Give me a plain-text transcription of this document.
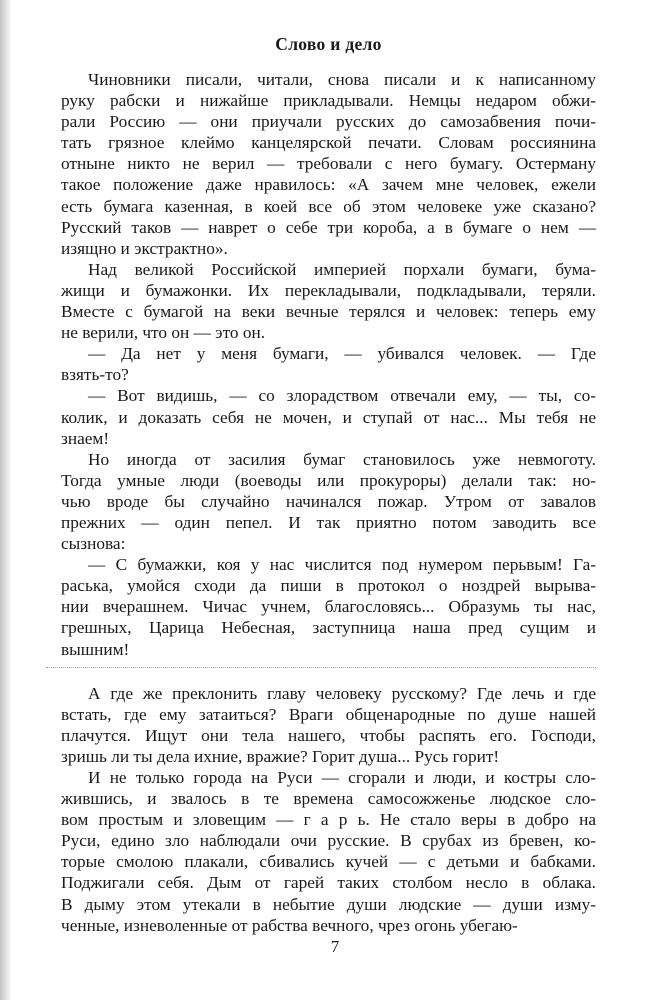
Слово и дело
Чиновники писали, читали, снова писали и к написанному
руку рабски и нижайше прикладывали. Немцы недаром обжи-
рали Россию — они приучали русских до самозабвения почи-
тать грязное клеймо канцелярской печати. Словам россиянина
отныне никто не верил — требовали с него бумагу. Остерману
такое положение даже нравилось: «А зачем мне человек, ежели
есть бумага казенная, в коей все об этом человеке уже сказано?
Русский таков — наврет о себе три короба, а в бумаге о нем —
изящно и экстрактно».
Над великой Российской империей порхали бумаги, бума-
жищи и бумажонки. Их перекладывали, подкладывали, теряли.
Вместе с бумагой на веки вечные терялся и человек: теперь ему
не верили, что он — это он.
— Да нет у меня бумаги, — убивался человек. — Где
взять-то?
— Вот видишь, — со злорадством отвечали ему, — ты, со-
колик, и доказать себя не мочен, и ступай от нас... Мы тебя не
знаем!
Но иногда от засилия бумаг становилось уже невмоготу.
Тогда умные люди (воеводы или прокуроры) делали так: но-
чью вроде бы случайно начинался пожар. Утром от завалов
прежних — один пепел. И так приятно потом заводить все
сызнова:
— С бумажки, коя у нас числится под нумером перьвым! Га-
раська, умойся сходи да пиши в протокол о ноздрей вырыва-
нии вчерашнем. Чичас учнем, благословясь... Образумь ты нас,
грешных, Царица Небесная, заступница наша пред сущим и
вышним!
А где же преклонить главу человеку русскому? Где лечь и где
встать, где ему затаиться? Враги общенародные по душе нашей
плачутся. Ищут они тела нашего, чтобы распять его. Господи,
зришь ли ты дела ихние, вражие? Горит душа... Русь горит!
И не только города на Руси — сгорали и люди, и костры сло-
жившись, и звалось в те времена самосожженье людское сло-
вом простым и зловещим — г а р ь. Не стало веры в добро на
Руси, едино зло наблюдали очи русские. В срубах из бревен, ко-
торые смолою плакали, сбивались кучей — с детьми и бабками.
Поджигали себя. Дым от гарей таких столбом несло в облака.
В дыму этом утекали в небытие души людские — души изму-
ченные, изневоленные от рабства вечного, чрез огонь убегаю-
7
